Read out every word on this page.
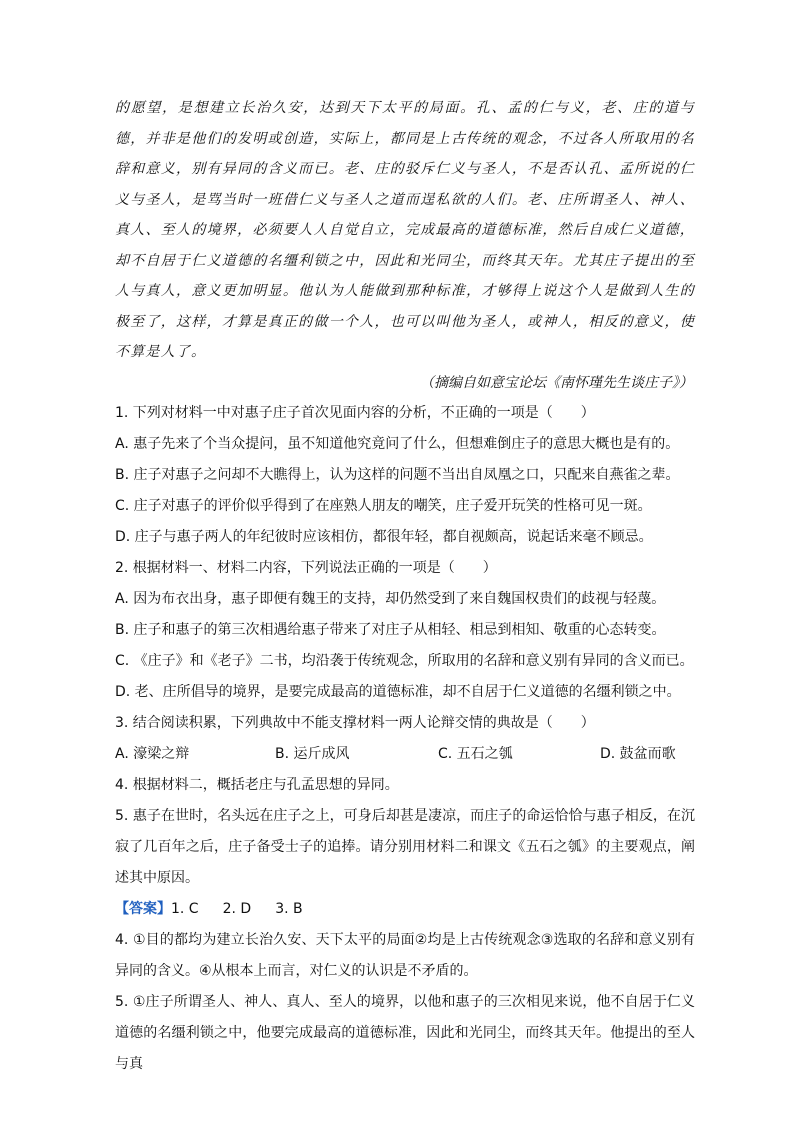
的愿望，是想建立长治久安，达到天下太平的局面。孔、孟的仁与义，老、庄的道与德，并非是他们的发明或创造，实际上，都同是上古传统的观念，不过各人所取用的名辞和意义，别有异同的含义而已。老、庄的驳斥仁义与圣人，不是否认孔、孟所说的仁义与圣人，是骂当时一班借仁义与圣人之道而逞私欲的人们。老、庄所谓圣人、神人、真人、至人的境界，必须要人人自觉自立，完成最高的道德标准，然后自成仁义道德，却不自居于仁义道德的名缰利锁之中，因此和光同尘，而终其天年。尤其庄子提出的至人与真人，意义更加明显。他认为人能做到那种标准，才够得上说这个人是做到人生的极至了，这样，才算是真正的做一个人，也可以叫他为圣人，或神人，相反的意义，使不算是人了。

（摘编自如意宝论坛《南怀瑾先生谈庄子》）

1. 下列对材料一中对惠子庄子首次见面内容的分析，不正确的一项是（　　）

A. 惠子先来了个当众提问，虽不知道他究竟问了什么，但想难倒庄子的意思大概也是有的。

B. 庄子对惠子之问却不大瞧得上，认为这样的问题不当出自凤凰之口，只配来自燕雀之辈。

C. 庄子对惠子的评价似乎得到了在座熟人朋友的嘲笑，庄子爱开玩笑的性格可见一斑。

D. 庄子与惠子两人的年纪彼时应该相仿，都很年轻，都自视颇高，说起话来毫不顾忌。

2. 根据材料一、材料二内容，下列说法正确的一项是（　　）

A. 因为布衣出身，惠子即便有魏王的支持，却仍然受到了来自魏国权贵们的歧视与轻蔑。

B. 庄子和惠子的第三次相遇给惠子带来了对庄子从相轻、相忌到相知、敬重的心态转变。

C. 《庄子》和《老子》二书，均沿袭于传统观念，所取用的名辞和意义别有异同的含义而已。

D. 老、庄所倡导的境界，是要完成最高的道德标准，却不自居于仁义道德的名缰利锁之中。

3. 结合阅读积累，下列典故中不能支撑材料一两人论辩交情的典故是（　　）

A. 濠梁之辩	B. 运斤成风	C. 五石之瓠	D. 鼓盆而歌

4. 根据材料二，概括老庄与孔孟思想的异同。

5. 惠子在世时，名头远在庄子之上，可身后却甚是凄凉，而庄子的命运恰恰与惠子相反，在沉寂了几百年之后，庄子备受士子的追捧。请分别用材料二和课文《五石之瓠》的主要观点，阐述其中原因。

【答案】1. C 2. D 3. B

4. ①目的都均为建立长治久安、天下太平的局面②均是上古传统观念③选取的名辞和意义别有异同的含义。④从根本上而言，对仁义的认识是不矛盾的。

5. ①庄子所谓圣人、神人、真人、至人的境界，以他和惠子的三次相见来说，他不自居于仁义道德的名缰利锁之中，他要完成最高的道德标准，因此和光同尘，而终其天年。他提出的至人与真
